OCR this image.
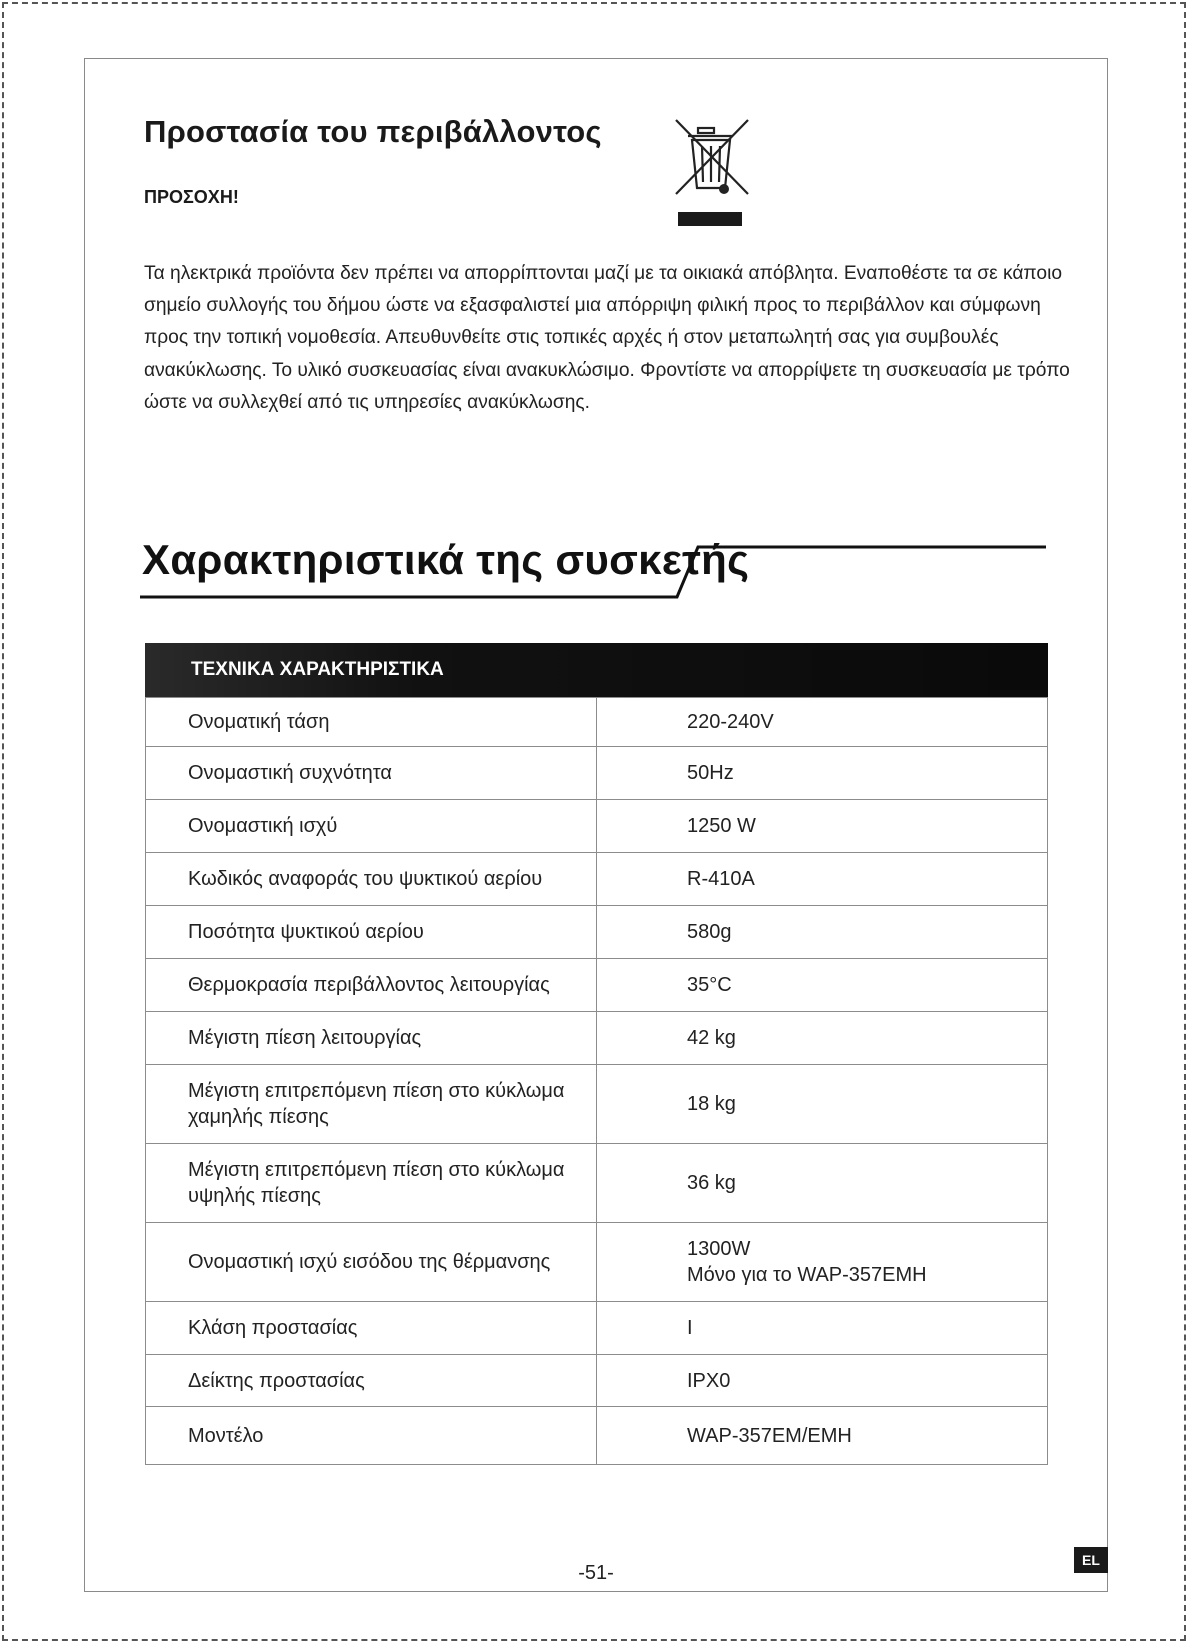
Προστασία του περιβάλλοντος
ΠΡΟΣΟΧΗ!

Τα ηλεκτρικά προϊόντα δεν πρέπει να απορρίπτονται μαζί με τα οικιακά απόβλητα. Εναποθέστε τα σε κάποιο σημείο συλλογής του δήμου ώστε να εξασφαλιστεί μια απόρριψη φιλική προς το περιβάλλον και σύμφωνη προς την τοπική νομοθεσία. Απευθυνθείτε στις τοπικές αρχές ή στον μεταπωλητή σας για συμβουλές ανακύκλωσης. Το υλικό συσκευασίας είναι ανακυκλώσιμο. Φροντίστε να απορρίψετε τη συσκευασία με τρόπο ώστε να συλλεχθεί από τις υπηρεσίες ανακύκλωσης.

Χαρακτηριστικά της συσκετής
ΤΕΧΝΙΚΑ ΧΑΡΑΚΤΗΡΙΣΤΙΚΑ
Ονοματική τάση	220-240V
Ονομαστική συχνότητα	50Hz
Ονομαστική ισχύ	1250 W
Κωδικός αναφοράς του ψυκτικού αερίου	R-410A
Ποσότητα ψυκτικού αερίου	580g
Θερμοκρασία περιβάλλοντος λειτουργίας	35°C
Μέγιστη πίεση λειτουργίας	42 kg
Μέγιστη επιτρεπόμενη πίεση στο κύκλωμα χαμηλής πίεσης	18 kg
Μέγιστη επιτρεπόμενη πίεση στο κύκλωμα υψηλής πίεσης	36 kg
Ονομαστική ισχύ εισόδου της θέρμανσης	1300W
Μόνο για το WAP-357EMH

Κλάση προστασίας	I
Δείκτης προστασίας	IPX0
Μοντέλο	WAP-357EM/EMH
-51-
EL
